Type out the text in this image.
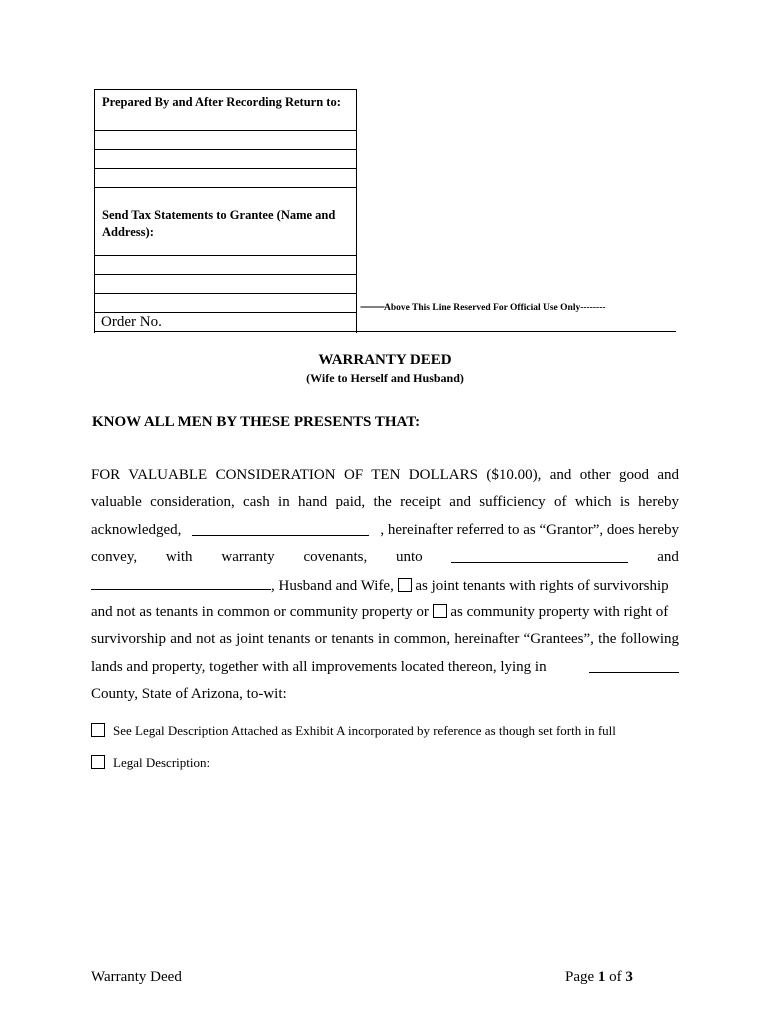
Prepared By and After Recording Return to:
Send Tax Statements to Grantee (Name and Address):
--------Above This Line Reserved For Official Use Only--------
Order No.
WARRANTY DEED
(Wife to Herself and Husband)
KNOW ALL MEN BY THESE PRESENTS THAT:
FOR VALUABLE CONSIDERATION OF TEN DOLLARS ($10.00), and other good and
valuable consideration, cash in hand paid, the receipt and sufficiency of which is hereby
acknowledged,	, hereinafter referred to as “Grantor”, does hereby
convey, with warranty covenants, unto	and
, Husband and Wife, as joint tenants with rights of survivorship
and not as tenants in common or community property or as community property with right of
survivorship and not as joint tenants or tenants in common, hereinafter “Grantees”, the following
lands and property, together with all improvements located thereon, lying in
County, State of Arizona, to-wit:
See Legal Description Attached as Exhibit A incorporated by reference as though set forth in full
Legal Description:
Warranty Deed	Page 1 of 3
